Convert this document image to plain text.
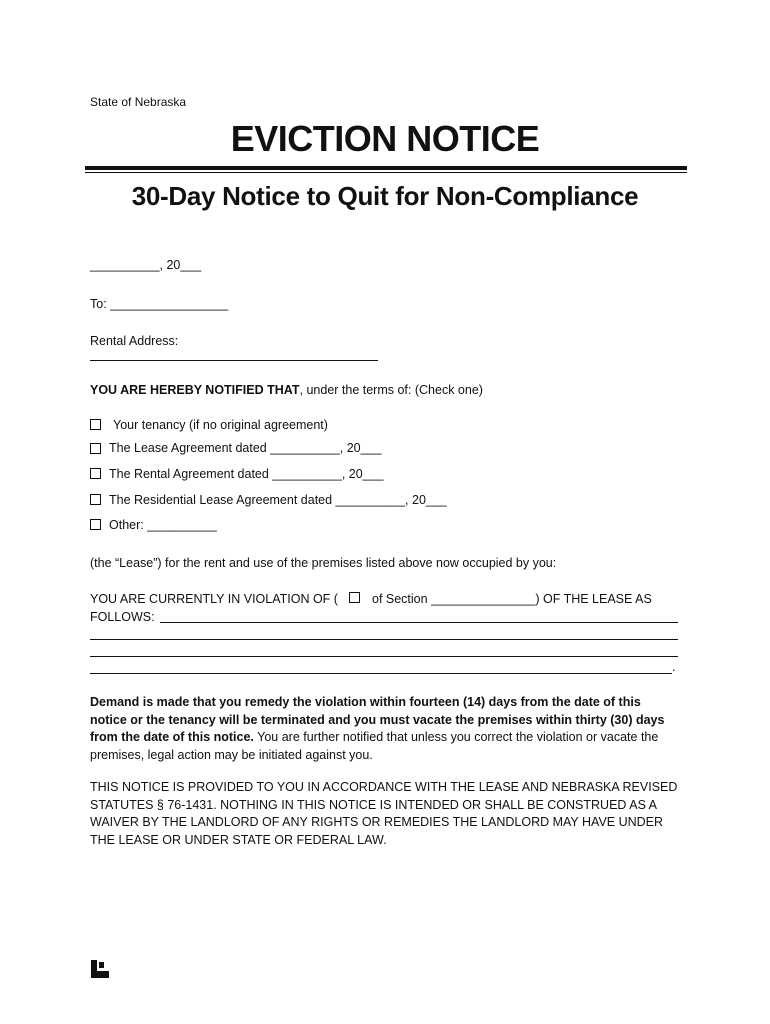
State of Nebraska
EVICTION NOTICE
30-Day Notice to Quit for Non-Compliance
__________, 20___
To: _________________
Rental Address:
YOU ARE HEREBY NOTIFIED THAT, under the terms of: (Check one)
Your tenancy (if no original agreement)
The Lease Agreement dated __________, 20___
The Rental Agreement dated __________, 20___
The Residential Lease Agreement dated __________, 20___
Other: __________
(the “Lease”) for the rent and use of the premises listed above now occupied by you:
YOU ARE CURRENTLY IN VIOLATION OF (	of Section _______________) OF THE LEASE AS
FOLLOWS:
.
Demand is made that you remedy the violation within fourteen (14) days from the date of this notice or the tenancy will be terminated and you must vacate the premises within thirty (30) days from the date of this notice. You are further notified that unless you correct the violation or vacate the premises, legal action may be initiated against you.
THIS NOTICE IS PROVIDED TO YOU IN ACCORDANCE WITH THE LEASE AND NEBRASKA REVISED STATUTES § 76-1431. NOTHING IN THIS NOTICE IS INTENDED OR SHALL BE CONSTRUED AS A WAIVER BY THE LANDLORD OF ANY RIGHTS OR REMEDIES THE LANDLORD MAY HAVE UNDER THE LEASE OR UNDER STATE OR FEDERAL LAW.
